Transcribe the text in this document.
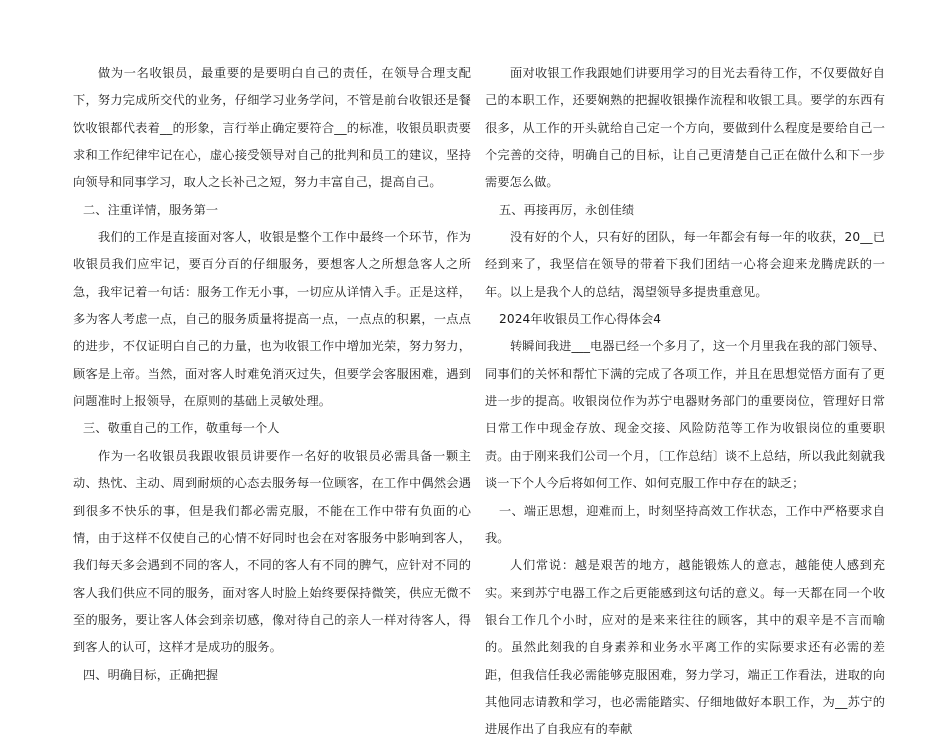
做为一名收银员，最重要的是要明白自己的责任，在领导合理支配下，努力完成所交代的业务，仔细学习业务学问，不管是前台收银还是餐饮收银都代表着__的形象，言行举止确定要符合__的标准，收银员职责要求和工作纪律牢记在心，虚心接受领导对自己的批判和员工的建议，坚持向领导和同事学习，取人之长补己之短，努力丰富自己，提高自己。

二、注重详情，服务第一

我们的工作是直接面对客人，收银是整个工作中最终一个环节，作为收银员我们应牢记，要百分百的仔细服务，要想客人之所想急客人之所急，我牢记着一句话：服务工作无小事，一切应从详情入手。正是这样，多为客人考虑一点，自己的服务质量将提高一点，一点点的积累，一点点的进步，不仅证明白自己的力量，也为收银工作中增加光荣，努力努力，顾客是上帝。当然，面对客人时难免消灭过失，但要学会客服困难，遇到问题准时上报领导，在原则的基础上灵敏处理。

三、敬重自己的工作，敬重每一个人

作为一名收银员我跟收银员讲要作一名好的收银员必需具备一颗主动、热忱、主动、周到耐烦的心态去服务每一位顾客，在工作中偶然会遇到很多不快乐的事，但是我们都必需克服，不能在工作中带有负面的心情，由于这样不仅使自己的心情不好同时也会在对客服务中影响到客人，我们每天多会遇到不同的客人，不同的客人有不同的脾气，应针对不同的客人我们供应不同的服务，面对客人时脸上始终要保持微笑，供应无微不至的服务，要让客人体会到亲切感，像对待自己的亲人一样对待客人，得到客人的认可，这样才是成功的服务。

四、明确目标，正确把握

面对收银工作我跟她们讲要用学习的目光去看待工作，不仅要做好自己的本职工作，还要娴熟的把握收银操作流程和收银工具。要学的东西有很多，从工作的开头就给自己定一个方向，要做到什么程度是要给自己一个完善的交待，明确自己的目标，让自己更清楚自己正在做什么和下一步需要怎么做。

五、再接再厉，永创佳绩

没有好的个人，只有好的团队，每一年都会有每一年的收获，20__已经到来了，我坚信在领导的带着下我们团结一心将会迎来龙腾虎跃的一年。以上是我个人的总结，渴望领导多提贵重意见。

2024年收银员工作心得体会4

转瞬间我进___电器已经一个多月了，这一个月里我在我的部门领导、同事们的关怀和帮忙下满的完成了各项工作，并且在思想觉悟方面有了更进一步的提高。收银岗位作为苏宁电器财务部门的重要岗位，管理好日常日常工作中现金存放、现金交接、风险防范等工作为收银岗位的重要职责。由于刚来我们公司一个月，〔工作总结〕谈不上总结，所以我此刻就我谈一下个人今后将如何工作、如何克服工作中存在的缺乏；

一、端正思想，迎难而上，时刻坚持高效工作状态，工作中严格要求自我。

人们常说：越是艰苦的地方，越能锻炼人的意志，越能使人感到充实。来到苏宁电器工作之后更能感到这句话的意义。每一天都在同一个收银台工作几个小时，应对的是来来往往的顾客，其中的艰辛是不言而喻的。虽然此刻我的自身素养和业务水平离工作的实际要求还有必需的差距，但我信任我必需能够克服困难，努力学习，端正工作看法，进取的向其他同志请教和学习，也必需能踏实、仔细地做好本职工作，为__苏宁的进展作出了自我应有的奉献
